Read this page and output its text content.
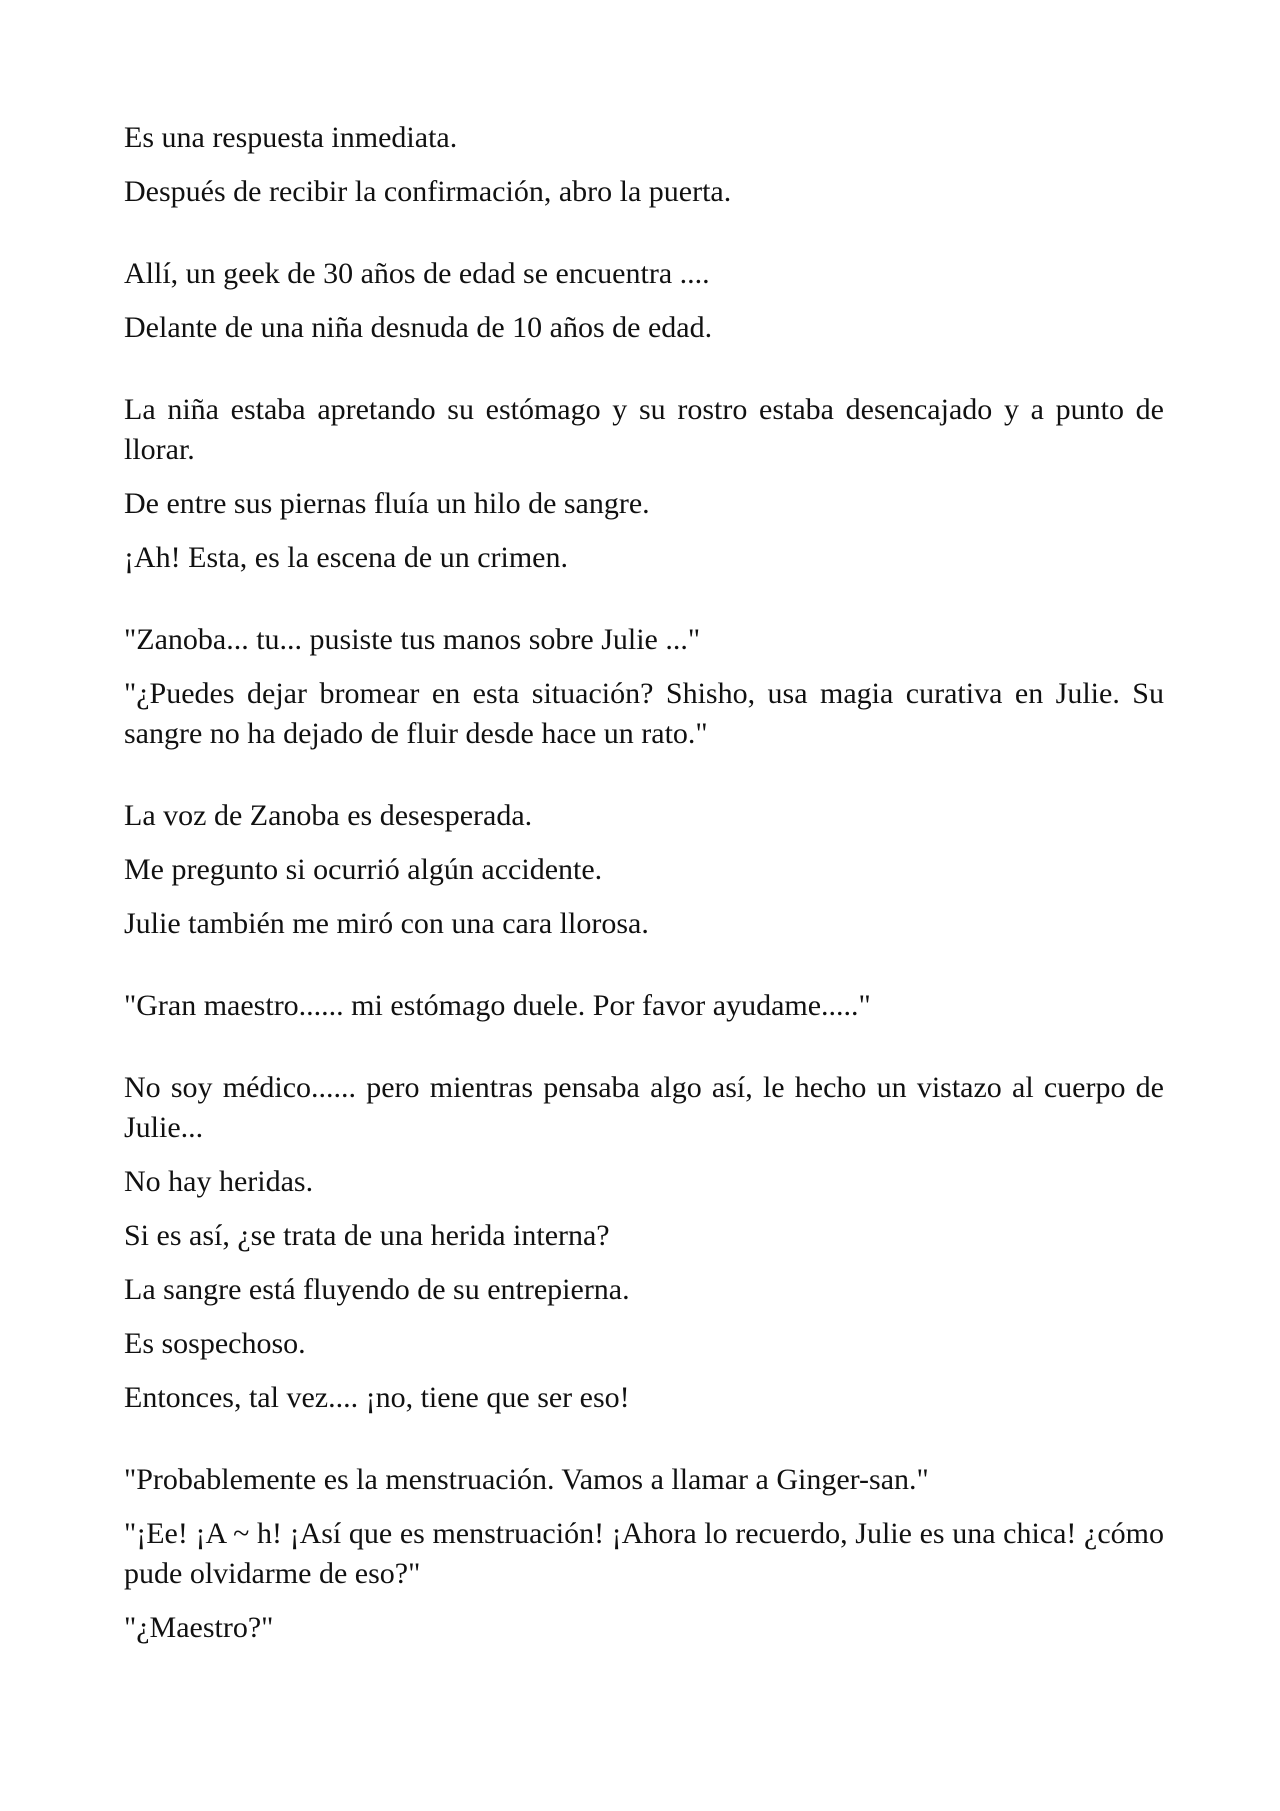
Es una respuesta inmediata.

Después de recibir la confirmación, abro la puerta.

Allí, un geek de 30 años de edad se encuentra ....

Delante de una niña desnuda de 10 años de edad.

La niña estaba apretando su estómago y su rostro estaba desencajado y a punto de llorar.

De entre sus piernas fluía un hilo de sangre.

¡Ah! Esta, es la escena de un crimen.

"Zanoba... tu... pusiste tus manos sobre Julie ..."

"¿Puedes dejar bromear en esta situación? Shisho, usa magia curativa en Julie. Su sangre no ha dejado de fluir desde hace un rato."

La voz de Zanoba es desesperada.

Me pregunto si ocurrió algún accidente.

Julie también me miró con una cara llorosa.

"Gran maestro...... mi estómago duele. Por favor ayudame....."

No soy médico...... pero mientras pensaba algo así, le hecho un vistazo al cuerpo de Julie...

No hay heridas.

Si es así, ¿se trata de una herida interna?

La sangre está fluyendo de su entrepierna.

Es sospechoso.

Entonces, tal vez.... ¡no, tiene que ser eso!

"Probablemente es la menstruación. Vamos a llamar a Ginger-san."

"¡Ee! ¡A ~ h! ¡Así que es menstruación! ¡Ahora lo recuerdo, Julie es una chica! ¿cómo pude olvidarme de eso?"

"¿Maestro?"
